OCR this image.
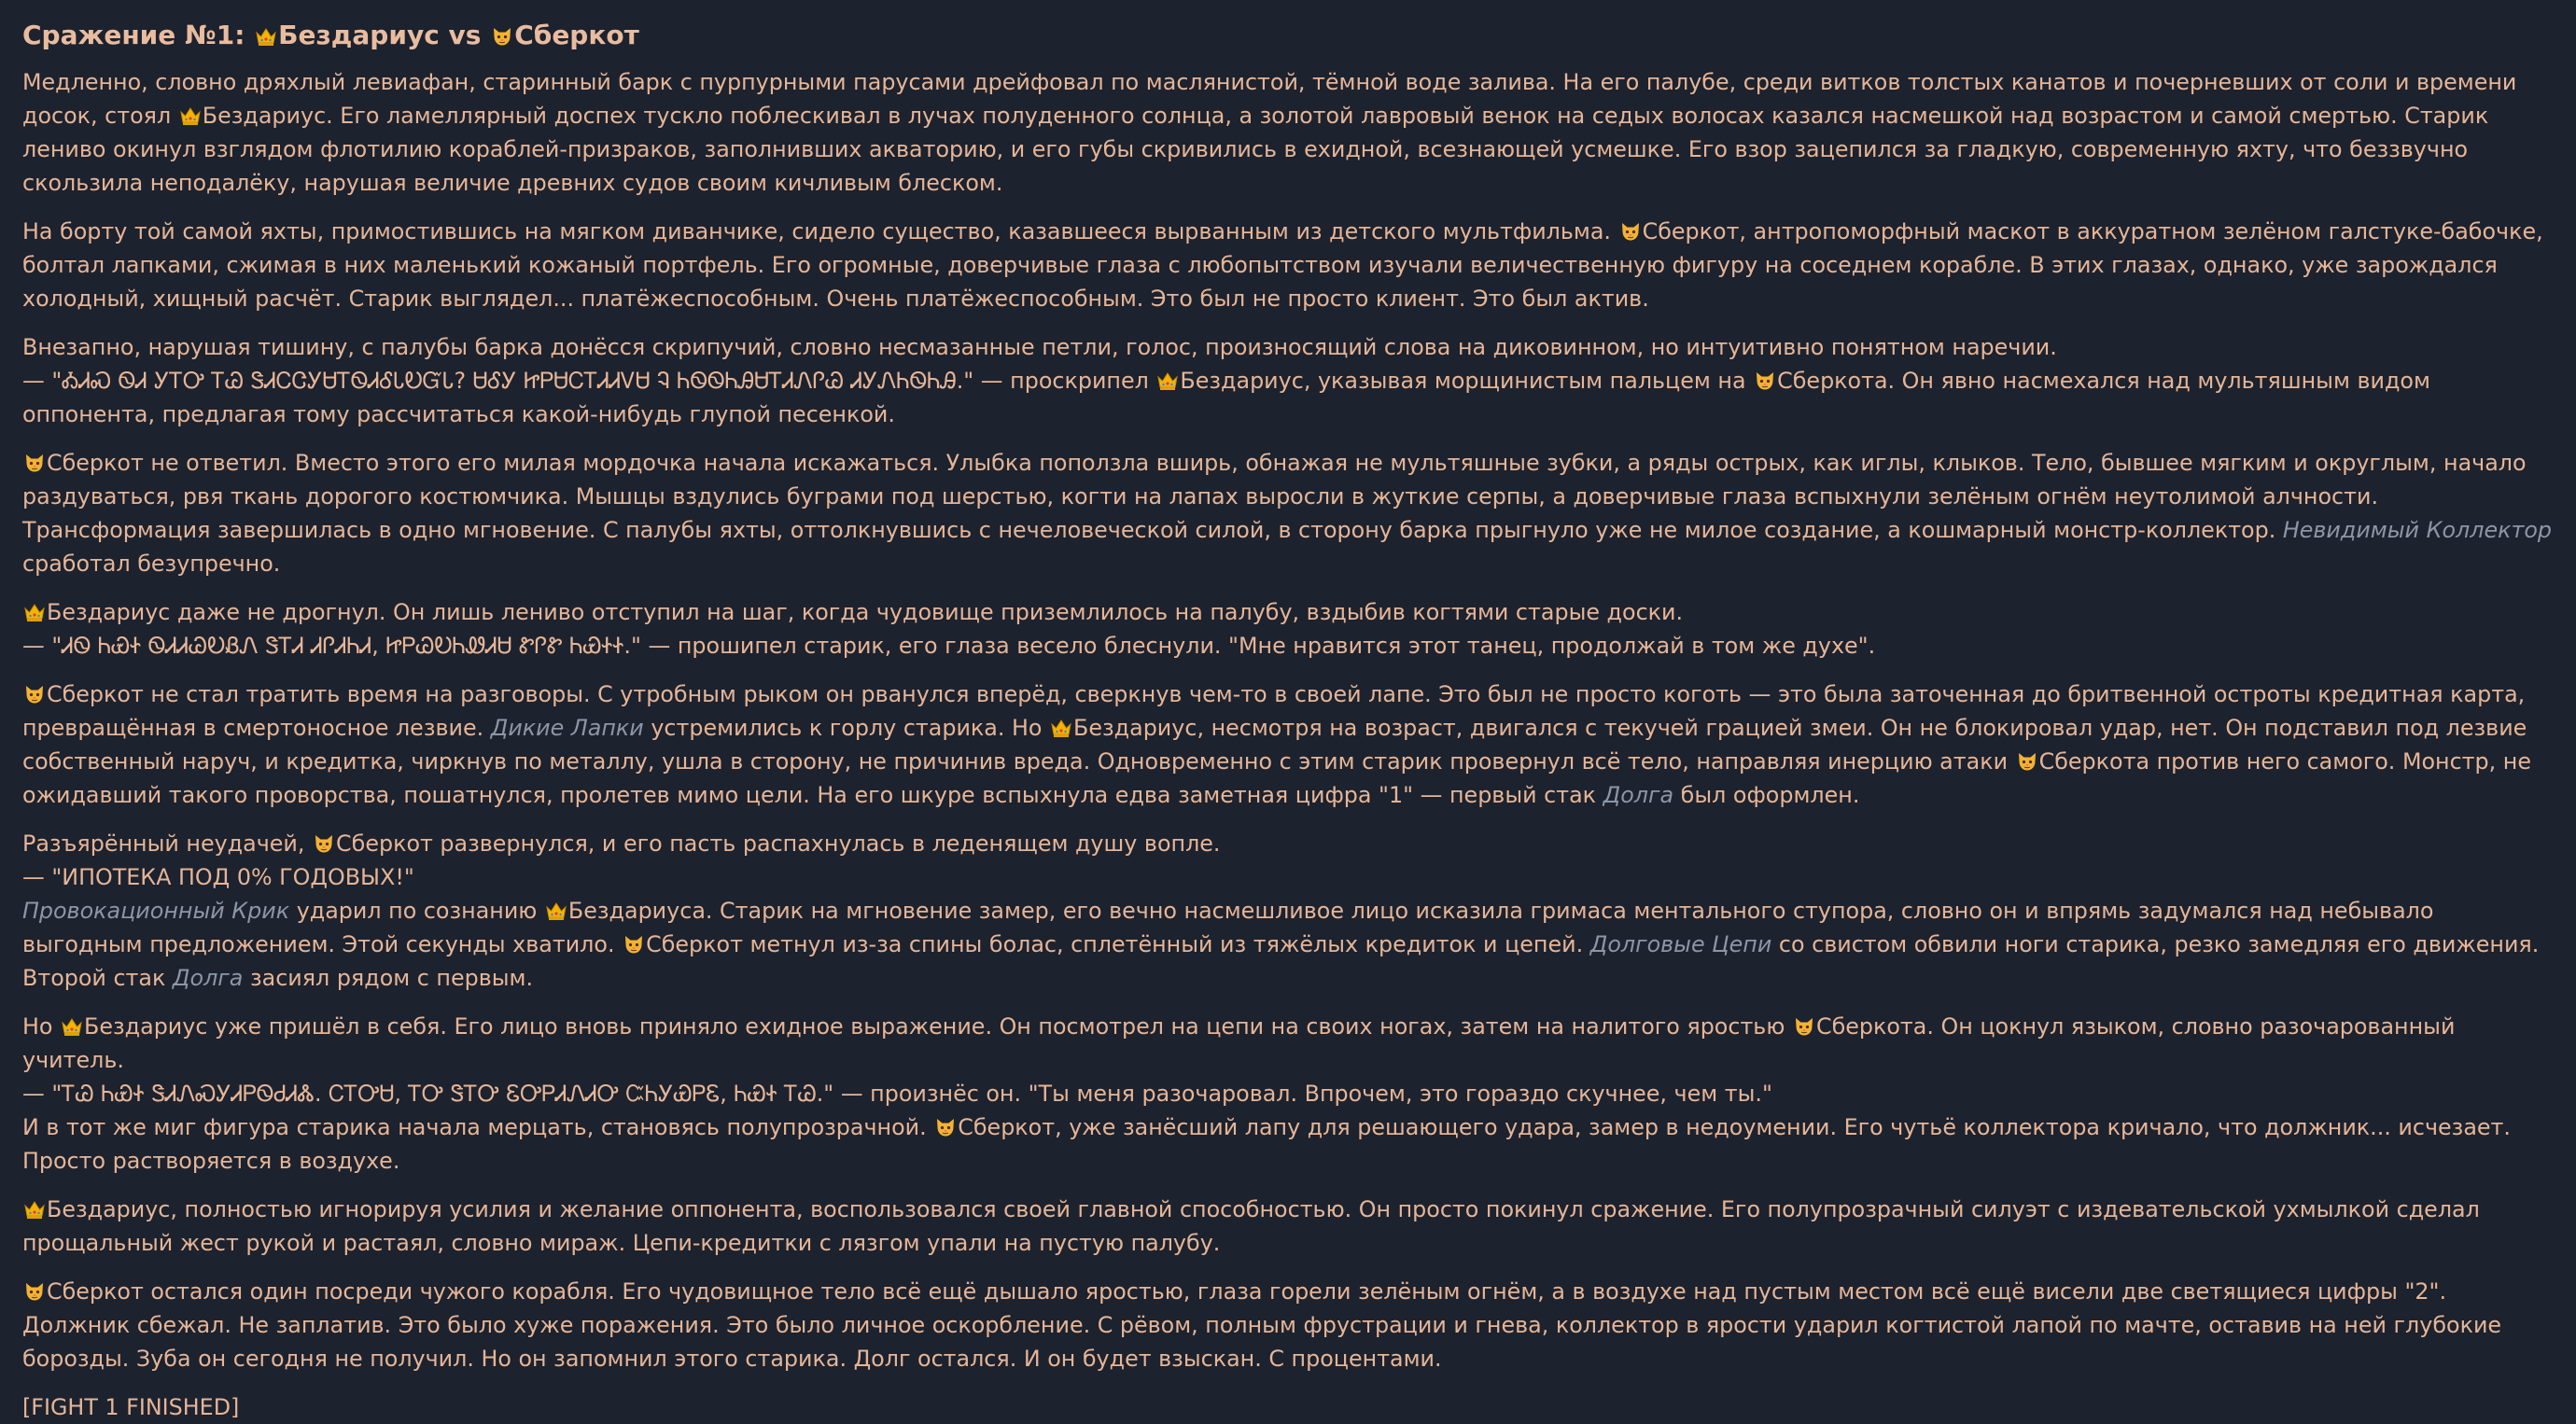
Сражение №1: Бездариус vs Сберкот

Медленно, словно дряхлый левиафан, старинный барк с пурпурными парусами дрейфовал по маслянистой, тёмной воде залива. На его палубе, среди витков толстых канатов и почерневших от соли и времени досок, стоял Бездариус. Его ламеллярный доспех тускло поблескивал в лучах полуденного солнца, а золотой лавровый венок на седых волосах казался насмешкой над возрастом и самой смертью. Старик лениво окинул взглядом флотилию кораблей-призраков, заполнивших акваторию, и его губы скривились в ехидной, всезнающей усмешке. Его взор зацепился за гладкую, современную яхту, что беззвучно скользила неподалёку, нарушая величие древних судов своим кичливым блеском.

На борту той самой яхты, примостившись на мягком диванчике, сидело существо, казавшееся вырванным из детского мультфильма. Сберкот, антропоморфный маскот в аккуратном зелёном галстуке-бабочке, болтал лапками, сжимая в них маленький кожаный портфель. Его огромные, доверчивые глаза с любопытством изучали величественную фигуру на соседнем корабле. В этих глазах, однако, уже зарождался холодный, хищный расчёт. Старик выглядел... платёжеспособным. Очень платёжеспособным. Это был не просто клиент. Это был актив.

Внезапно, нарушая тишину, с палубы барка донёсся скрипучий, словно несмазанные петли, голос, произносящий слова на диковинном, но интуитивно понятном наречии.
— "ᎣᏗᏍ ᏫᏗ ᎩᎢᎤ ᎢᏊ ᏕᏗᏟᏣᎩᏌᎢᏫᏗᎴᏓᎧᏳᏓ? ᏌᎴᎩ ᏥᏢᏌᏟᎢᏗᏗᏙᏌ Ꮈ ᏂᏫᏫᏂᎯᏌᎢᏗᏁᎵᏊ ᏗᎩᏁᏂᏫᏂᎯ." — проскрипел Бездариус, указывая морщинистым пальцем на Сберкота. Он явно насмехался над мультяшным видом оппонента, предлагая тому рассчитаться какой-нибудь глупой песенкой.

Сберкот не ответил. Вместо этого его милая мордочка начала искажаться. Улыбка поползла вширь, обнажая не мультяшные зубки, а ряды острых, как иглы, клыков. Тело, бывшее мягким и округлым, начало раздуваться, рвя ткань дорогого костюмчика. Мышцы вздулись буграми под шерстью, когти на лапах выросли в жуткие серпы, а доверчивые глаза вспыхнули зелёным огнём неутолимой алчности. Трансформация завершилась в одно мгновение. С палубы яхты, оттолкнувшись с нечеловеческой силой, в сторону барка прыгнуло уже не милое создание, а кошмарный монстр-коллектор. Невидимый Коллектор сработал безупречно.

Бездариус даже не дрогнул. Он лишь лениво отступил на шаг, когда чудовище приземлилось на палубу, вздыбив когтями старые доски.
— "ᏗᏫ ᏂᏯᏐ ᏫᏗᏗᏊᎧᏰᏁ ᏕᎢᏗ ᏗᎵᏗᏂᏗ, ᏥᏢᏊᎧᏂᏪᏗᏌ ᏑᎵᏑ ᏂᏯᏐᏐ." — прошипел старик, его глаза весело блеснули. "Мне нравится этот танец, продолжай в том же духе".

Сберкот не стал тратить время на разговоры. С утробным рыком он рванулся вперёд, сверкнув чем-то в своей лапе. Это был не просто коготь — это была заточенная до бритвенной остроты кредитная карта, превращённая в смертоносное лезвие. Дикие Лапки устремились к горлу старика. Но Бездариус, несмотря на возраст, двигался с текучей грацией змеи. Он не блокировал удар, нет. Он подставил под лезвие собственный наруч, и кредитка, чиркнув по металлу, ушла в сторону, не причинив вреда. Одновременно с этим старик провернул всё тело, направляя инерцию атаки Сберкота против него самого. Монстр, не ожидавший такого проворства, пошатнулся, пролетев мимо цели. На его шкуре вспыхнула едва заметная цифра "1" — первый стак Долга был оформлен.

Разъярённый неудачей, Сберкот развернулся, и его пасть распахнулась в леденящем душу вопле.
— "ИПОТЕКА ПОД 0% ГОДОВЫХ!"
Провокационный Крик ударил по сознанию Бездариуса. Старик на мгновение замер, его вечно насмешливое лицо исказила гримаса ментального ступора, словно он и впрямь задумался над небывало выгодным предложением. Этой секунды хватило. Сберкот метнул из-за спины болас, сплетённый из тяжёлых кредиток и цепей. Долговые Цепи со свистом обвили ноги старика, резко замедляя его движения. Второй стак Долга засиял рядом с первым.

Но Бездариус уже пришёл в себя. Его лицо вновь приняло ехидное выражение. Он посмотрел на цепи на своих ногах, затем на налитого яростью Сберкота. Он цокнул языком, словно разочарованный учитель.
— "ᎢᏊ ᏂᏯᏐ ᏕᏗᏁᏍᎩᏗᏢᏫᏧᏗᏜ. ᏟᎢᎤᏌ, ᎢᎤ ᏕᎢᎤ ᏋᎤᏢᏗᏁᏗᎤ ᏨᏂᎩᏯᏢᏋ, ᏂᏯᏐ ᎢᏊ." — произнёс он. "Ты меня разочаровал. Впрочем, это гораздо скучнее, чем ты."
И в тот же миг фигура старика начала мерцать, становясь полупрозрачной. Сберкот, уже занёсший лапу для решающего удара, замер в недоумении. Его чутьё коллектора кричало, что должник... исчезает. Просто растворяется в воздухе.

Бездариус, полностью игнорируя усилия и желание оппонента, воспользовался своей главной способностью. Он просто покинул сражение. Его полупрозрачный силуэт с издевательской ухмылкой сделал прощальный жест рукой и растаял, словно мираж. Цепи-кредитки с лязгом упали на пустую палубу.

Сберкот остался один посреди чужого корабля. Его чудовищное тело всё ещё дышало яростью, глаза горели зелёным огнём, а в воздухе над пустым местом всё ещё висели две светящиеся цифры "2". Должник сбежал. Не заплатив. Это было хуже поражения. Это было личное оскорбление. С рёвом, полным фрустрации и гнева, коллектор в ярости ударил когтистой лапой по мачте, оставив на ней глубокие борозды. Зуба он сегодня не получил. Но он запомнил этого старика. Долг остался. И он будет взыскан. С процентами.

[FIGHT 1 FINISHED]
